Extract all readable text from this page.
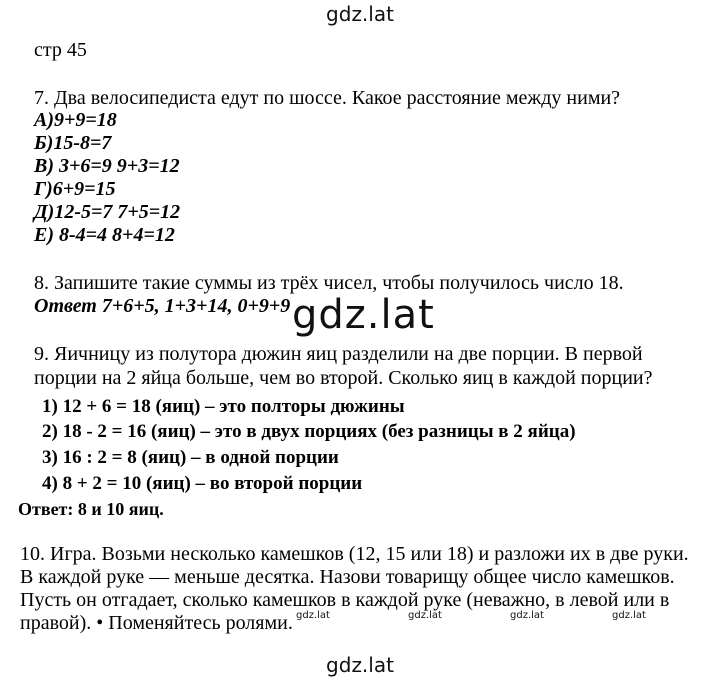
gdz.lat
стр 45
7. Два велосипедиста едут по шоссе. Какое расстояние между ними?
А)9+9=18
Б)15-8=7
В) 3+6=9 9+3=12
Г)6+9=15
Д)12-5=7 7+5=12
Е) 8-4=4 8+4=12
8. Запишите такие суммы из трёх чисел, чтобы получилось число 18.
Ответ 7+6+5, 1+3+14, 0+9+9 gdz.lat
9. Яичницу из полутора дюжин яиц разделили на две порции. В первой
порции на 2 яйца больше, чем во второй. Сколько яиц в каждой порции?
1) 12 + 6 = 18 (яиц) – это полторы дюжины
2) 18 - 2 = 16 (яиц) – это в двух порциях (без разницы в 2 яйца)
3) 16 : 2 = 8 (яиц) – в одной порции
4) 8 + 2 = 10 (яиц) – во второй порции
Ответ: 8 и 10 яиц.
10. Игра. Возьми несколько камешков (12, 15 или 18) и разложи их в две руки.
В каждой руке — меньше десятка. Назови товарищу общее число камешков.
Пусть он отгадает, сколько камешков в каждой руке (неважно, в левой или в
правой). • Поменяйтесь ролями. gdz.lat	gdz.lat	gdz.lat	gdz.lat
gdz.lat
